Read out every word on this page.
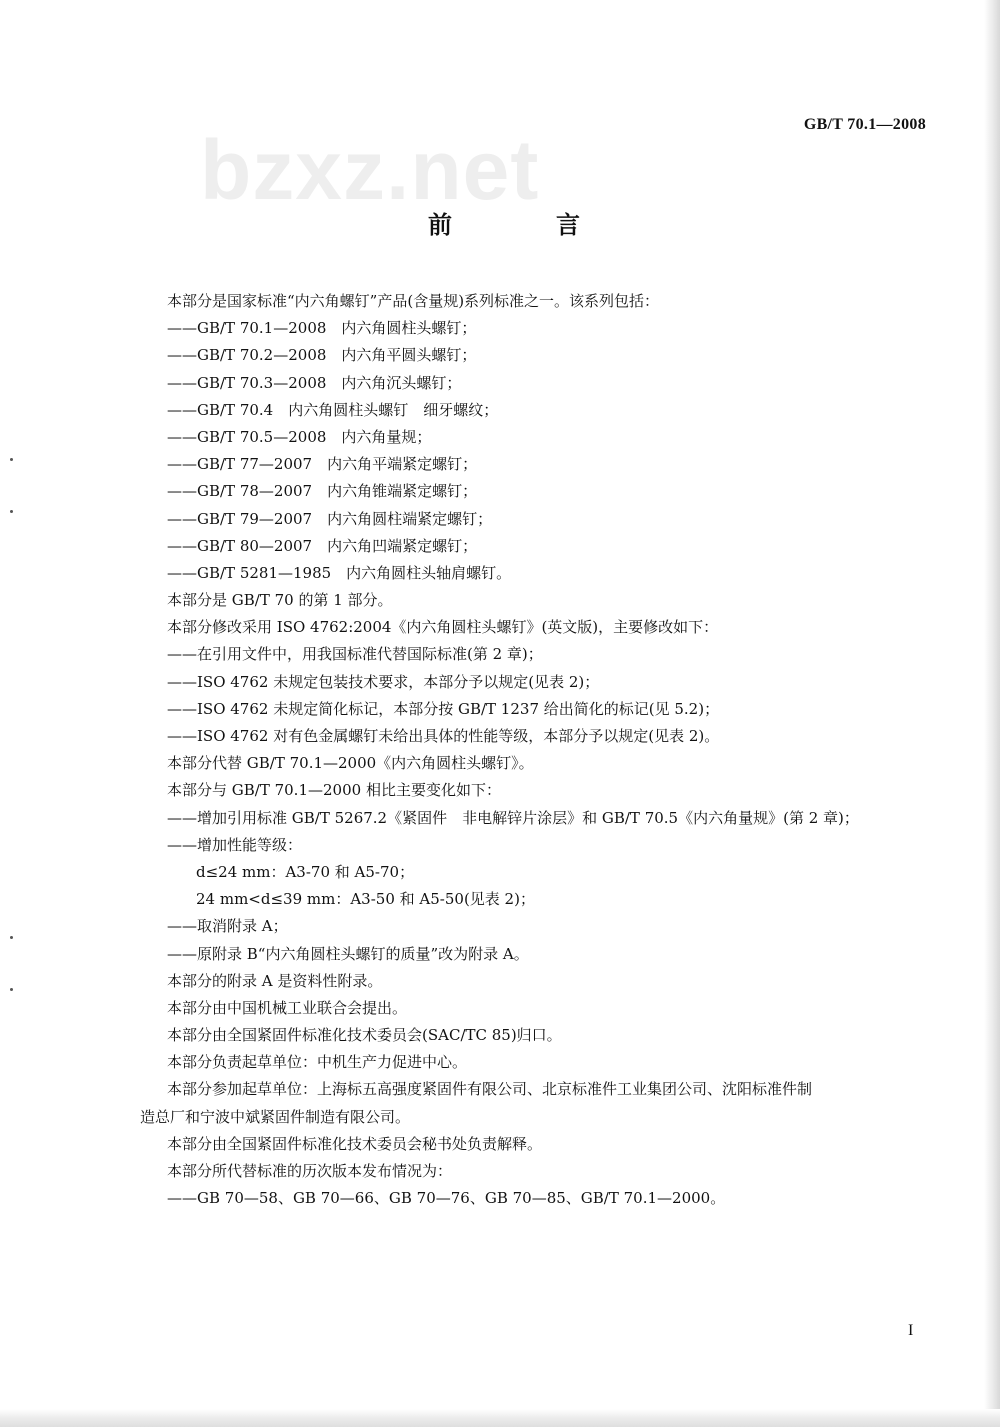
bzxz.net	GB/T 70.1—2008
前　言
本部分是国家标准“内六角螺钉”产品(含量规)系列标准之一。该系列包括：
——GB/T 70.1—2008　内六角圆柱头螺钉；
——GB/T 70.2—2008　内六角平圆头螺钉；
——GB/T 70.3—2008　内六角沉头螺钉；
——GB/T 70.4　内六角圆柱头螺钉　细牙螺纹；
——GB/T 70.5—2008　内六角量规；
——GB/T 77—2007　内六角平端紧定螺钉；
——GB/T 78—2007　内六角锥端紧定螺钉；
——GB/T 79—2007　内六角圆柱端紧定螺钉；
——GB/T 80—2007　内六角凹端紧定螺钉；
——GB/T 5281—1985　内六角圆柱头轴肩螺钉。
本部分是 GB/T 70 的第 1 部分。
本部分修改采用 ISO 4762:2004《内六角圆柱头螺钉》(英文版)，主要修改如下：
——在引用文件中，用我国标准代替国际标准(第 2 章)；
——ISO 4762 未规定包装技术要求，本部分予以规定(见表 2)；
——ISO 4762 未规定简化标记，本部分按 GB/T 1237 给出简化的标记(见 5.2)；
——ISO 4762 对有色金属螺钉未给出具体的性能等级，本部分予以规定(见表 2)。
本部分代替 GB/T 70.1—2000《内六角圆柱头螺钉》。
本部分与 GB/T 70.1—2000 相比主要变化如下：
——增加引用标准 GB/T 5267.2《紧固件　非电解锌片涂层》和 GB/T 70.5《内六角量规》(第 2 章)；
——增加性能等级：
d≤24 mm：A3-70 和 A5-70；
24 mm<d≤39 mm：A3-50 和 A5-50(见表 2)；
——取消附录 A；
——原附录 B“内六角圆柱头螺钉的质量”改为附录 A。
本部分的附录 A 是资料性附录。
本部分由中国机械工业联合会提出。
本部分由全国紧固件标准化技术委员会(SAC/TC 85)归口。
本部分负责起草单位：中机生产力促进中心。
本部分参加起草单位：上海标五高强度紧固件有限公司、北京标准件工业集团公司、沈阳标准件制
造总厂和宁波中斌紧固件制造有限公司。
本部分由全国紧固件标准化技术委员会秘书处负责解释。
本部分所代替标准的历次版本发布情况为：
——GB 70—58、GB 70—66、GB 70—76、GB 70—85、GB/T 70.1—2000。
I
